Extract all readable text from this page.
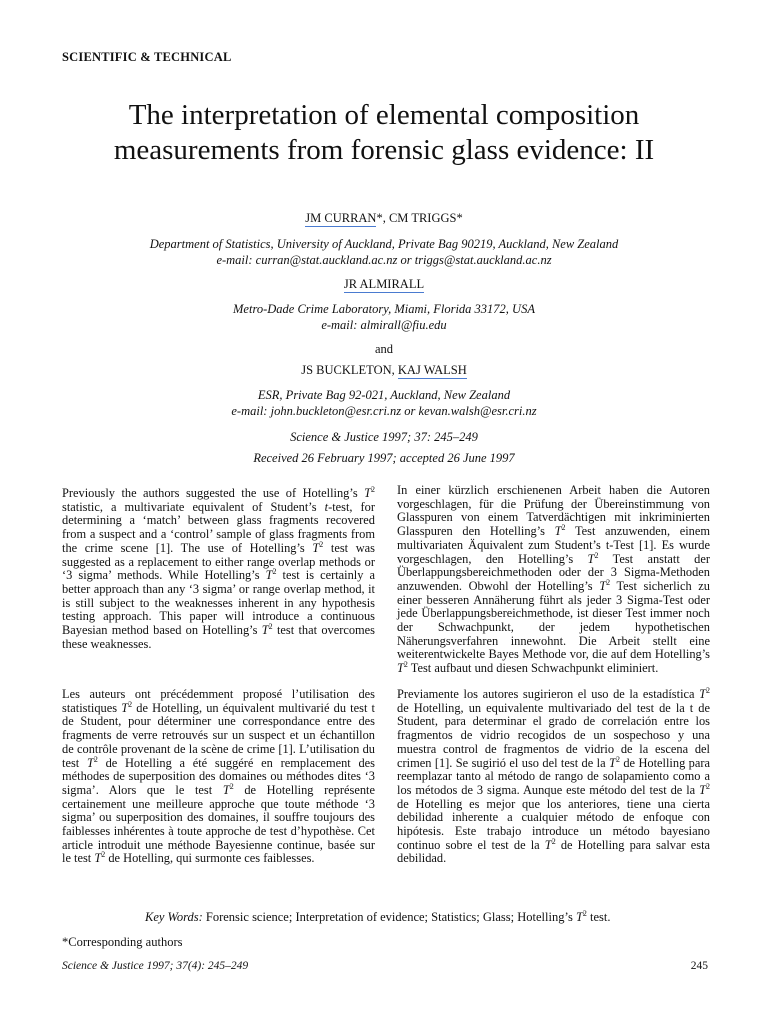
SCIENTIFIC & TECHNICAL
The interpretation of elemental composition
measurements from forensic glass evidence: II
JM CURRAN*, CM TRIGGS*
Department of Statistics, University of Auckland, Private Bag 90219, Auckland, New Zealand
e-mail: curran@stat.auckland.ac.nz or triggs@stat.auckland.ac.nz
JR ALMIRALL
Metro-Dade Crime Laboratory, Miami, Florida 33172, USA
e-mail: almirall@fiu.edu
and
JS BUCKLETON, KAJ WALSH
ESR, Private Bag 92-021, Auckland, New Zealand
e-mail: john.buckleton@esr.cri.nz or kevan.walsh@esr.cri.nz
Science & Justice 1997; 37: 245–249
Received 26 February 1997; accepted 26 June 1997
Previously the authors suggested the use of Hotelling’s $T^2$ statistic, a multivariate equivalent of Student’s t-test, for determining a ‘match’ between glass fragments recovered from a suspect and a ‘control’ sample of glass fragments from the crime scene [1]. The use of Hotelling’s $T^2$ test was suggested as a replacement to either range overlap methods or ‘3 sigma’ methods. While Hotelling’s $T^2$ test is certainly a better approach than any ‘3 sigma’ or range overlap method, it is still subject to the weaknesses inherent in any hypothesis testing approach. This paper will introduce a continuous Bayesian method based on Hotelling’s $T^2$ test that overcomes these weaknesses.
In einer kürzlich erschienenen Arbeit haben die Autoren vorgeschlagen, für die Prüfung der Übereinstimmung von Glasspuren von einem Tatverdächtigen mit inkriminierten Glasspuren den Hotelling’s $T^2$ Test anzuwenden, einem multivariaten Äquivalent zum Student’s t-Test [1]. Es wurde vorgeschlagen, den Hotelling’s $T^2$ Test anstatt der Überlappungsbereichmethoden oder der 3 Sigma-Methoden anzuwenden. Obwohl der Hotelling’s $T^2$ Test sicherlich zu einer besseren Annäherung führt als jeder 3 Sigma-Test oder jede Überlappungsbereichmethode, ist dieser Test immer noch der Schwachpunkt, der jedem hypothetischen Näherungsverfahren innewohnt. Die Arbeit stellt eine weiterentwickelte Bayes Methode vor, die auf dem Hotelling’s $T^2$ Test aufbaut und diesen Schwachpunkt eliminiert.
Les auteurs ont précédemment proposé l’utilisation des statistiques $T^2$ de Hotelling, un équivalent multivarié du test t de Student, pour déterminer une correspondance entre des fragments de verre retrouvés sur un suspect et un échantillon de contrôle provenant de la scène de crime [1]. L’utilisation du test $T^2$ de Hotelling a été suggéré en remplacement des méthodes de superposition des domaines ou méthodes dites ‘3 sigma’. Alors que le test $T^2$ de Hotelling représente certainement une meilleure approche que toute méthode ‘3 sigma’ ou superposition des domaines, il souffre toujours des faiblesses inhérentes à toute approche de test d’hypothèse. Cet article introduit une méthode Bayesienne continue, basée sur le test $T^2$ de Hotelling, qui surmonte ces faiblesses.
Previamente los autores sugirieron el uso de la estadística $T^2$ de Hotelling, un equivalente multivariado del test de la t de Student, para determinar el grado de correlación entre los fragmentos de vidrio recogidos de un sospechoso y una muestra control de fragmentos de vidrio de la escena del crimen [1]. Se sugirió el uso del test de la $T^2$ de Hotelling para reemplazar tanto al método de rango de solapamiento como a los métodos de 3 sigma. Aunque este método del test de la $T^2$ de Hotelling es mejor que los anteriores, tiene una cierta debilidad inherente a cualquier método de enfoque con hipótesis. Este trabajo introduce un método bayesiano continuo sobre el test de la $T^2$ de Hotelling para salvar esta debilidad.
Key Words: Forensic science; Interpretation of evidence; Statistics; Glass; Hotelling’s $T^2$ test.
*Corresponding authors
Science & Justice 1997; 37(4): 245–249	245
